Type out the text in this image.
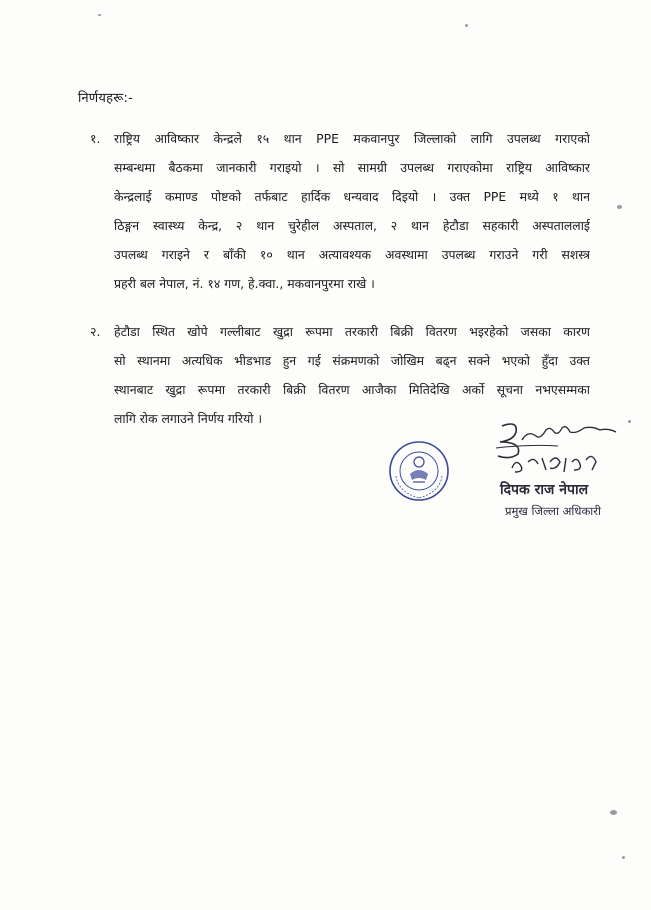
निर्णयहरू:-
१.	राष्ट्रिय आविष्कार केन्द्रले १५ थान PPE मकवानपुर जिल्लाको लागि उपलब्ध गराएको
सम्बन्धमा बैठकमा जानकारी गराइयो । सो सामग्री उपलब्ध गराएकोमा राष्ट्रिय आविष्कार
केन्द्रलाई कमाण्ड पोष्टको तर्फबाट हार्दिक धन्यवाद दिइयो । उक्त PPE मध्ये १ थान
ठिङ्गन स्वास्थ्य केन्द्र, २ थान चुरेहील अस्पताल, २ थान हेटौडा सहकारी अस्पताललाई
उपलब्ध गराइने र बाँकी १० थान अत्यावश्यक अवस्थामा उपलब्ध गराउने गरी सशस्त्र
प्रहरी बल नेपाल, नं. १४ गण, हे.क्वा., मकवानपुरमा राखे ।
२.	हेटौडा स्थित खोपे गल्लीबाट खुद्रा रूपमा तरकारी बिक्री वितरण भइरहेको जसका कारण
सो स्थानमा अत्यधिक भीडभाड हुन गई संक्रमणको जोखिम बढ्न सक्ने भएको हुँदा उक्त
स्थानबाट खुद्रा रूपमा तरकारी बिक्री वितरण आजैका मितिदेखि अर्को सूचना नभएसम्मका
लागि रोक लगाउने निर्णय गरियो ।
दिपक राज नेपाल
प्रमुख जिल्ला अधिकारी
